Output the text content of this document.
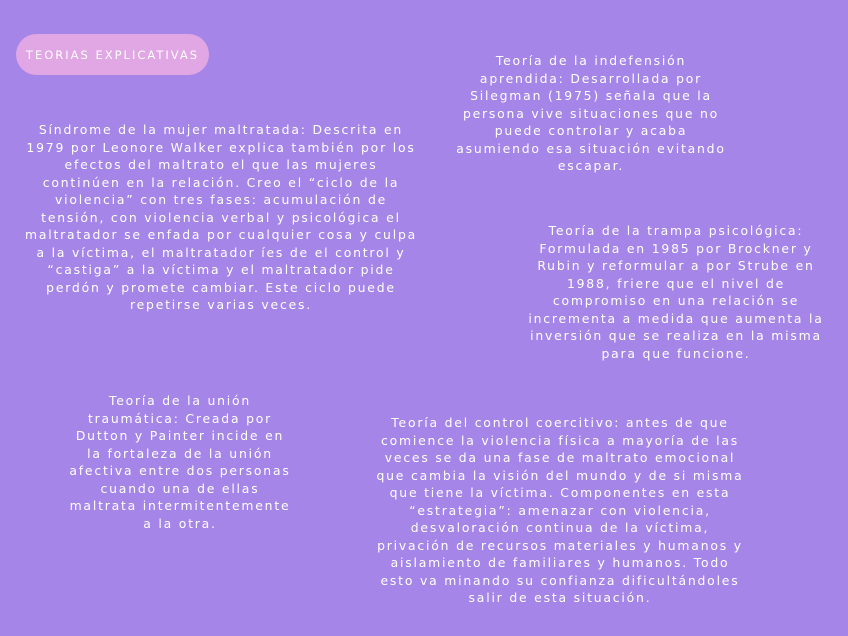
TEORIAS EXPLICATIVAS

Síndrome de la mujer maltratada: Descrita en 1979 por Leonore Walker explica también por los efectos del maltrato el que las mujeres continúen en la relación. Creo el “ciclo de la violencia” con tres fases: acumulación de tensión, con violencia verbal y psicológica el maltratador se enfada por cualquier cosa y culpa a la víctima, el maltratador íes de el control y “castiga” a la víctima y el maltratador pide perdón y promete cambiar. Este ciclo puede repetirse varias veces.

Teoría de la indefensión aprendida: Desarrollada por Silegman (1975) señala que la persona vive situaciones que no puede controlar y acaba asumiendo esa situación evitando escapar.

Teoría de la trampa psicológica: Formulada en 1985 por Brockner y Rubin y reformular a por Strube en 1988, friere que el nivel de compromiso en una relación se incrementa a medida que aumenta la inversión que se realiza en la misma para que funcione.

Teoría de la unión traumática: Creada por Dutton y Painter incide en la fortaleza de la unión afectiva entre dos personas cuando una de ellas maltrata intermitentemente a la otra.

Teoría del control coercitivo: antes de que comience la violencia física a mayoría de las veces se da una fase de maltrato emocional que cambia la visión del mundo y de si misma que tiene la víctima. Componentes en esta “estrategia”: amenazar con violencia, desvaloración continua de la víctima, privación de recursos materiales y humanos y aislamiento de familiares y humanos. Todo esto va minando su confianza dificultándoles salir de esta situación.
